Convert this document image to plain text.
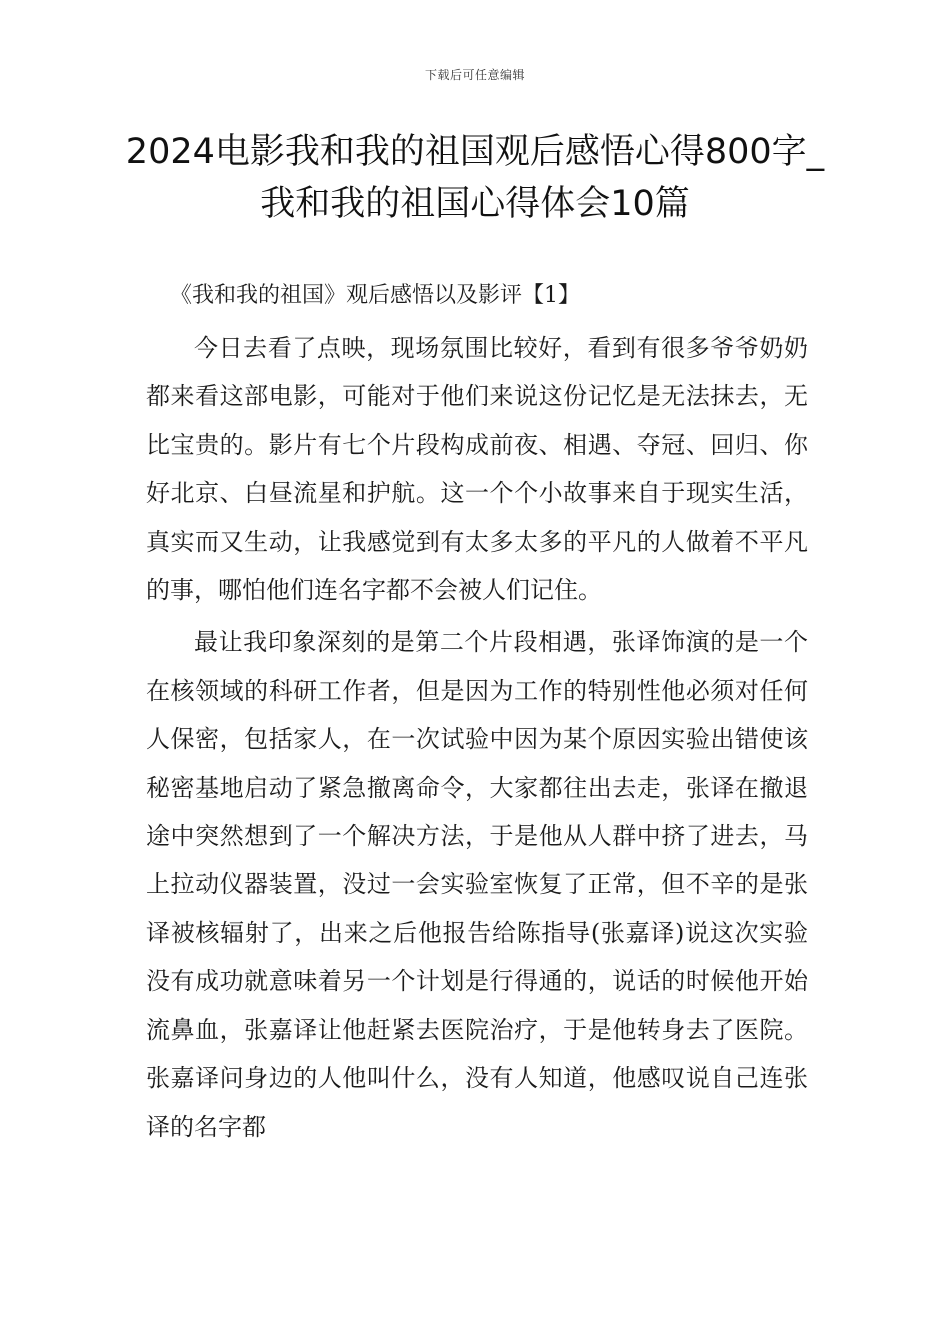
下载后可任意编辑
2024电影我和我的祖国观后感悟心得800字_我和我的祖国心得体会10篇

《我和我的祖国》观后感悟以及影评【1】

今日去看了点映，现场氛围比较好，看到有很多爷爷奶奶都来看这部电影，可能对于他们来说这份记忆是无法抹去，无比宝贵的。影片有七个片段构成前夜、相遇、夺冠、回归、你好北京、白昼流星和护航。这一个个小故事来自于现实生活，真实而又生动，让我感觉到有太多太多的平凡的人做着不平凡的事，哪怕他们连名字都不会被人们记住。

最让我印象深刻的是第二个片段相遇，张译饰演的是一个在核领域的科研工作者，但是因为工作的特别性他必须对任何人保密，包括家人，在一次试验中因为某个原因实验出错使该秘密基地启动了紧急撤离命令，大家都往出去走，张译在撤退途中突然想到了一个解决方法，于是他从人群中挤了进去，马上拉动仪器装置，没过一会实验室恢复了正常，但不辛的是张译被核辐射了，出来之后他报告给陈指导(张嘉译)说这次实验没有成功就意味着另一个计划是行得通的，说话的时候他开始流鼻血，张嘉译让他赶紧去医院治疗，于是他转身去了医院。张嘉译问身边的人他叫什么，没有人知道，他感叹说自己连张译的名字都
